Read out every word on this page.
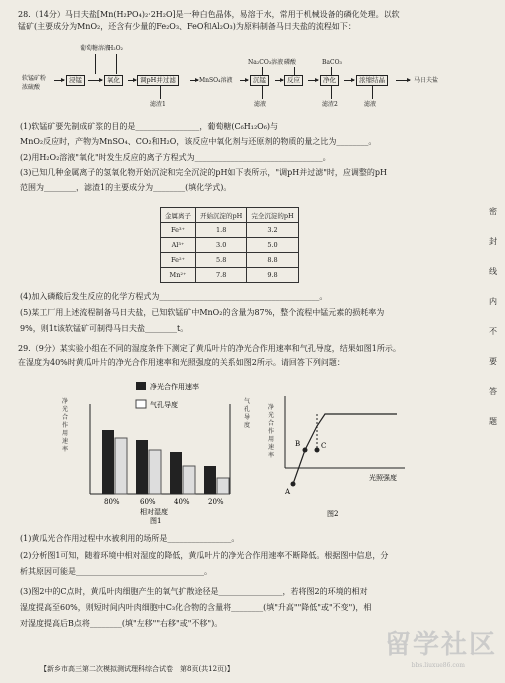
28.（14分）马日夫盐[Mn(H₂PO₄)₂·2H₂O]是一种白色晶体，易溶于水，常用于机械设备的磷化处理。以软
锰矿(主要成分为MnO₂，还含有少量的Fe₂O₃、FeO和Al₂O₃)为原料制备马日夫盐的流程如下：
软锰矿粉
浓硫酸
浸锰
葡萄糖溶液
H₂O₂
氧化	调pH并过滤
滤渣1
MnSO₄溶液
Na₂CO₃溶液
沉锰
滤液
磷酸
反应
BaCO₃
净化
滤渣2
浓缩结晶
滤液
马日夫盐
(1)软锰矿要先制成矿浆的目的是________________，葡萄糖(C₆H₁₂O₆)与
MnO₂反应时，产物为MnSO₄、CO₂和H₂O，该反应中氧化剂与还原剂的物质的量之比为________。
(2)用H₂O₂溶液"氧化"时发生反应的离子方程式为________________________________。
(3)已知几种金属离子的氢氧化物开始沉淀和完全沉淀的pH如下表所示，"调pH并过滤"时，应调整的pH
范围为________，滤渣1的主要成分为________(填化学式)。
金属离子	开始沉淀的pH	完全沉淀的pH
Fe³⁺	1.8	3.2
Al³⁺	3.0	5.0
Fe²⁺	5.8	8.8
Mn²⁺	7.8	9.8
(4)加入磷酸后发生反应的化学方程式为________________________________________。
(5)某工厂用上述流程制备马日夫盐，已知软锰矿中MnO₂的含量为87%，整个流程中锰元素的损耗率为
9%，则1t该软锰矿可制得马日夫盐________t。
29.（9分）某实验小组在不同的湿度条件下测定了黄瓜叶片的净光合作用速率和气孔导度，结果如图1所示。
在湿度为40%时黄瓜叶片的净光合作用速率和光照强度的关系如图2所示。请回答下列问题：
净光合作用速率
气孔导度
80%	60%	40%	20%
相对湿度
图1
净光合作用速率
气孔导度
A
B	C
光照强度
图2
净光合作用速率
(1)黄瓜光合作用过程中水被利用的场所是________________。
(2)分析图1可知，随着环境中相对湿度的降低，黄瓜叶片的净光合作用速率不断降低。根据图中信息，分
析其原因可能是________________________________。
(3)图2中的C点时，黄瓜叶肉细胞产生的氧气扩散途径是________________，若将图2的环境的相对
湿度提高至60%，则短时间内叶肉细胞中C₃化合物的含量将________(填"升高""降低"或"不变")，相
对湿度提高后B点将________(填"左移""右移"或"不移")。
密
封
线
内
不
要
答
题
【新乡市高三第二次模拟测试理科综合试卷　第8页(共12页)】
留学社区
bbs.liuxue86.com
